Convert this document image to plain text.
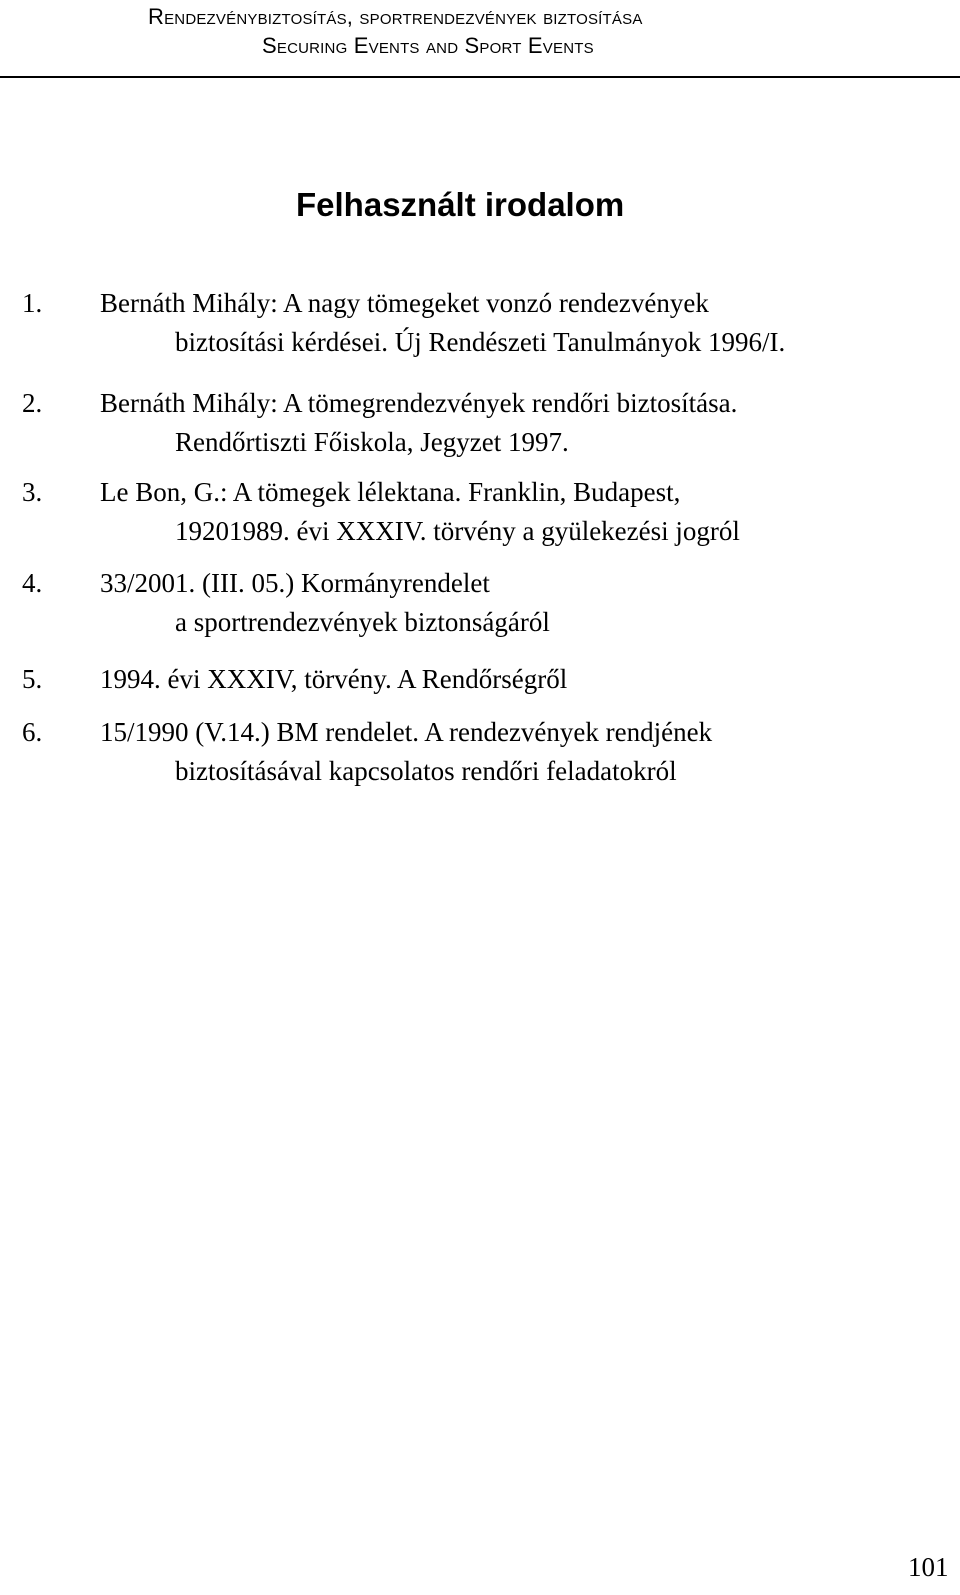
Rendezvénybiztosítás, sportrendezvények biztosítása
Securing Events and Sport Events
Felhasznált irodalom
1. Bernáth Mihály: A nagy tömegeket vonzó rendezvények
biztosítási kérdései. Új Rendészeti Tanulmányok 1996/I.
2. Bernáth Mihály: A tömegrendezvények rendőri biztosítása.
Rendőrtiszti Főiskola, Jegyzet 1997.
3. Le Bon, G.: A tömegek lélektana. Franklin, Budapest,
19201989. évi XXXIV. törvény a gyülekezési jogról
4. 33/2001. (III. 05.) Kormányrendelet
a sportrendezvények biztonságáról
5. 1994. évi XXXIV, törvény. A Rendőrségről
6. 15/1990 (V.14.) BM rendelet. A rendezvények rendjének
biztosításával kapcsolatos rendőri feladatokról
101
